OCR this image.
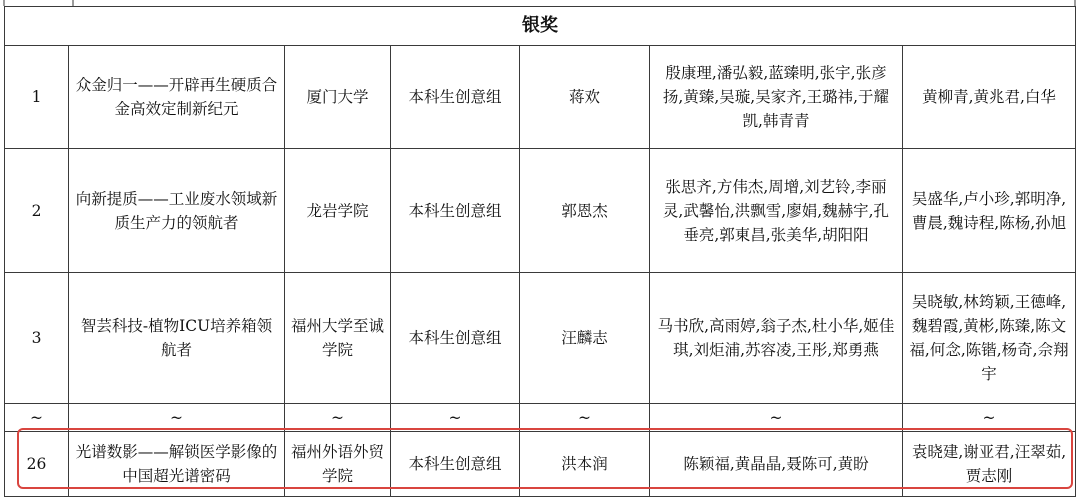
银奖						
1	众金归一——开辟再生硬质合金高效定制新纪元	厦门大学	本科生创意组	蒋欢	殷康理,潘弘毅,蓝臻明,张宇,张彦扬,黄臻,吴璇,吴家齐,王璐祎,于耀凯,韩青青	黄柳青,黄兆君,白华
2	向新提质——工业废水领域新质生产力的领航者	龙岩学院	本科生创意组	郭恩杰	张思齐,方伟杰,周增,刘艺铃,李丽灵,武馨怡,洪飘雪,廖娟,魏赫宇,孔垂亮,郭東昌,张美华,胡阳阳	吴盛华,卢小珍,郭明净,曹晨,魏诗程,陈杨,孙旭
3	智芸科技-植物ICU培养箱领航者	福州大学至诚学院	本科生创意组	汪麟志	马书欣,高雨婷,翁子杰,杜小华,姬佳琪,刘炬浦,苏容凌,王彤,郑勇燕	吴晓敏,林筠颖,王德峰,魏碧霞,黄彬,陈臻,陈文福,何念,陈锴,杨奇,佘翔宇
~	~	~	~	~	~	~
26	光谱数影——解锁医学影像的中国超光谱密码	福州外语外贸学院	本科生创意组	洪本润	陈颖福,黄晶晶,聂陈可,黄盼	袁晓建,谢亚君,汪翠茹,贾志刚
